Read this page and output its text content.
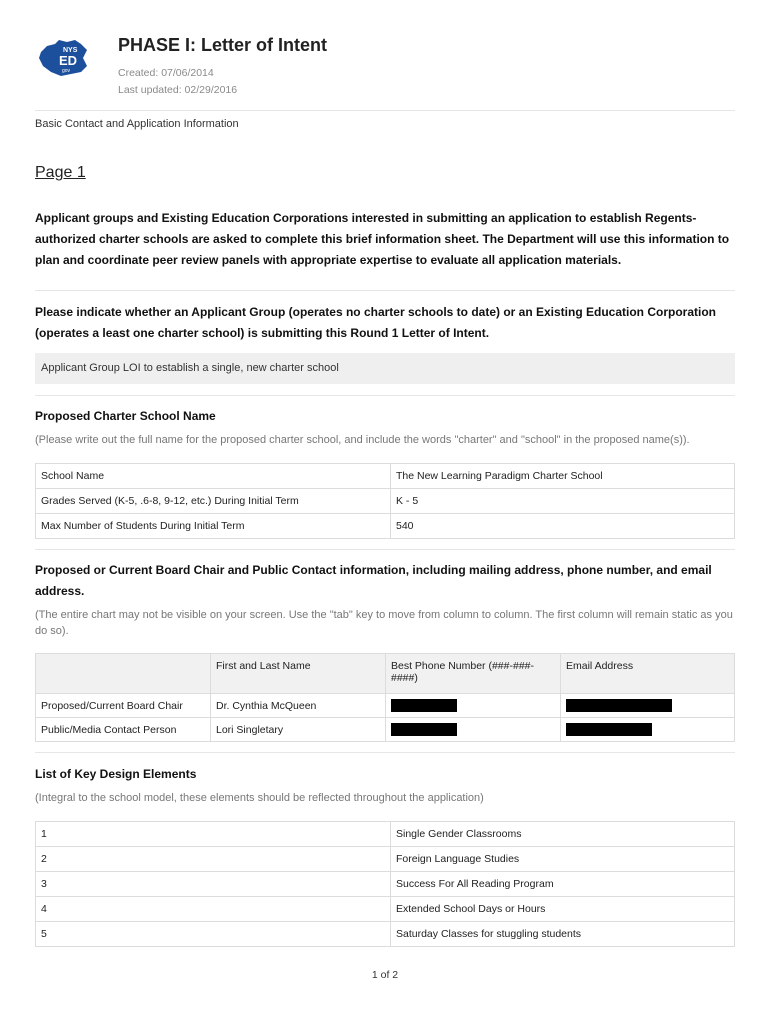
NYS
ED
gov
PHASE I: Letter of Intent
Created: 07/06/2014
Last updated: 02/29/2016
Basic Contact and Application Information
Page 1
Applicant groups and Existing Education Corporations interested in submitting an application to establish Regents-authorized charter schools are asked to complete this brief information sheet. The Department will use this information to plan and coordinate peer review panels with appropriate expertise to evaluate all application materials.
Please indicate whether an Applicant Group (operates no charter schools to date) or an Existing Education Corporation (operates a least one charter school) is submitting this Round 1 Letter of Intent.
Applicant Group LOI to establish a single, new charter school
Proposed Charter School Name
(Please write out the full name for the proposed charter school, and include the words "charter" and "school" in the proposed name(s)).
School Name	The New Learning Paradigm Charter School
Grades Served (K-5, .6-8, 9-12, etc.) During Initial Term	K - 5
Max Number of Students During Initial Term	540
Proposed or Current Board Chair and Public Contact information, including mailing address, phone number, and email address.
(The entire chart may not be visible on your screen. Use the "tab" key to move from column to column. The first column will remain static as you do so).
	First and Last Name	Best Phone Number (###-###-####)	Email Address
Proposed/Current Board Chair	Dr. Cynthia McQueen		
Public/Media Contact Person	Lori Singletary		
List of Key Design Elements
(Integral to the school model, these elements should be reflected throughout the application)
1	Single Gender Classrooms
2	Foreign Language Studies
3	Success For All Reading Program
4	Extended School Days or Hours
5	Saturday Classes for stuggling students
1 of 2
